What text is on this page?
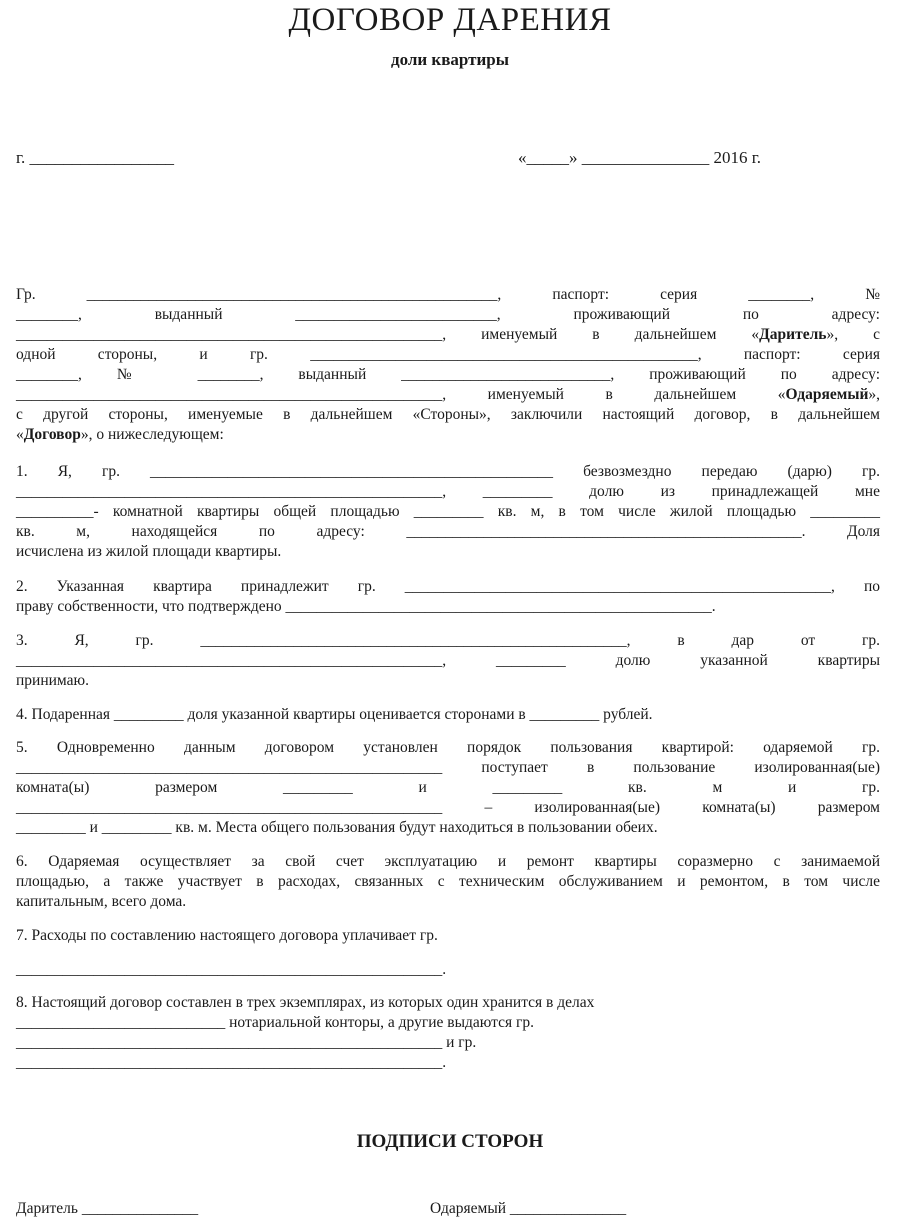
ДОГОВОР ДАРЕНИЯ
доли квартиры
г. _________________	«_____» _______________ 2016 г.
Гр. _____________________________________________________, паспорт: серия ________, №
________, выданный __________________________, проживающий по адресу:
_______________________________________________________, именуемый в дальнейшем «Даритель», с
одной стороны, и гр. __________________________________________________, паспорт: серия
________, № ________, выданный ___________________________, проживающий по адресу:
_______________________________________________________, именуемый в дальнейшем «Одаряемый»,
с другой стороны, именуемые в дальнейшем «Стороны», заключили настоящий договор, в дальнейшем
«Договор», о нижеследующем:
1. Я, гр. ____________________________________________________ безвозмездно передаю (дарю) гр.
_______________________________________________________, _________ долю из принадлежащей мне
__________- комнатной квартиры общей площадью _________ кв. м, в том числе жилой площадью _________
кв. м, находящейся по адресу: ___________________________________________________. Доля
исчислена из жилой площади квартиры.
2. Указанная квартира принадлежит гр. _______________________________________________________, по
праву собственности, что подтверждено _______________________________________________________.
3. Я, гр. _______________________________________________________, в дар от гр.
_______________________________________________________, _________ долю указанной квартиры
принимаю.
4. Подаренная _________ доля указанной квартиры оценивается сторонами в _________ рублей.
5. Одновременно данным договором установлен порядок пользования квартирой: одаряемой гр.
_______________________________________________________ поступает в пользование изолированная(ые)
комната(ы) размером _________ и _________ кв. м и гр.
_______________________________________________________ – изолированная(ые) комната(ы) размером
_________ и _________ кв. м. Места общего пользования будут находиться в пользовании обеих.
6. Одаряемая осуществляет за свой счет эксплуатацию и ремонт квартиры соразмерно с занимаемой
площадью, а также участвует в расходах, связанных с техническим обслуживанием и ремонтом, в том числе
капитальным, всего дома.
7. Расходы по составлению настоящего договора уплачивает гр.
_______________________________________________________.
8. Настоящий договор составлен в трех экземплярах, из которых один хранится в делах
___________________________ нотариальной конторы, а другие выдаются гр.
_______________________________________________________ и гр.
_______________________________________________________.
ПОДПИСИ СТОРОН
Даритель _______________	Одаряемый _______________
